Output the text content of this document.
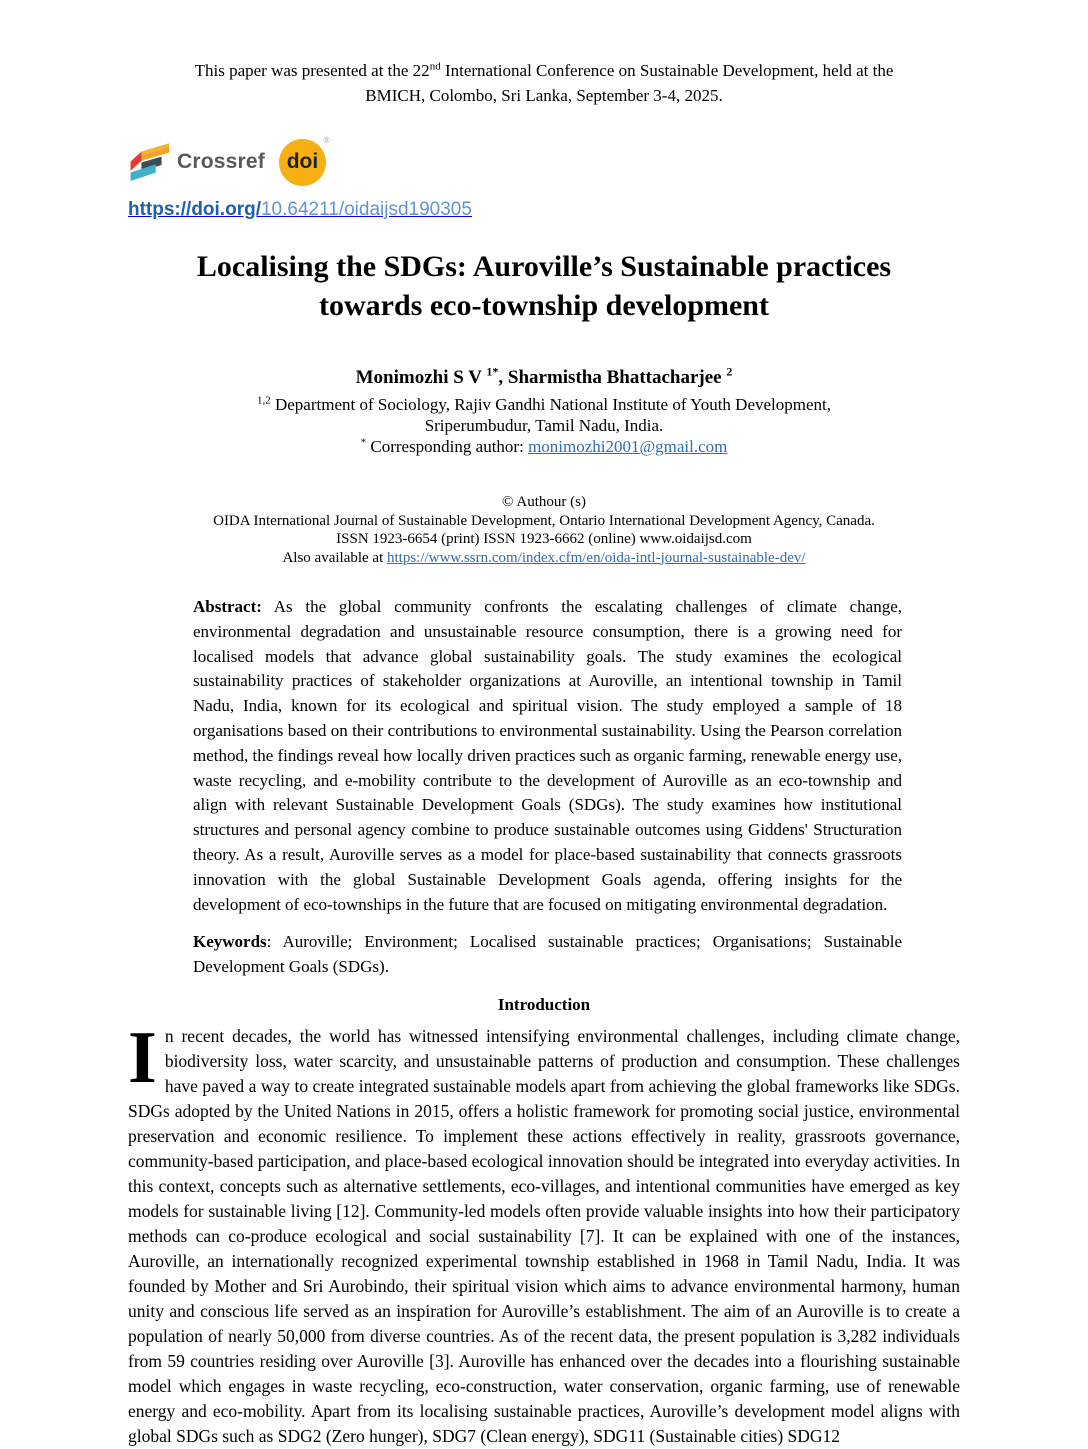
This paper was presented at the 22nd International Conference on Sustainable Development, held at the
BMICH, Colombo, Sri Lanka, September 3-4, 2025.

Crossref doi
®

https://doi.org/10.64211/oidaijsd190305

Localising the SDGs: Auroville’s Sustainable practices towards eco-township development

Monimozhi S V $^{1*}$, Sharmistha Bhattacharjee $^2$

$^{1,2}$ Department of Sociology, Rajiv Gandhi National Institute of Youth Development,
Sriperumbudur, Tamil Nadu, India.

* Corresponding author: monimozhi2001@gmail.com

© Authour (s)
OIDA International Journal of Sustainable Development, Ontario International Development Agency, Canada.
ISSN 1923-6654 (print) ISSN 1923-6662 (online) www.oidaijsd.com
Also available at https://www.ssrn.com/index.cfm/en/oida-intl-journal-sustainable-dev/

Abstract: As the global community confronts the escalating challenges of climate change, environmental degradation and unsustainable resource consumption, there is a growing need for localised models that advance global sustainability goals. The study examines the ecological sustainability practices of stakeholder organizations at Auroville, an intentional township in Tamil Nadu, India, known for its ecological and spiritual vision. The study employed a sample of 18 organisations based on their contributions to environmental sustainability. Using the Pearson correlation method, the findings reveal how locally driven practices such as organic farming, renewable energy use, waste recycling, and e-mobility contribute to the development of Auroville as an eco-township and align with relevant Sustainable Development Goals (SDGs). The study examines how institutional structures and personal agency combine to produce sustainable outcomes using Giddens' Structuration theory. As a result, Auroville serves as a model for place-based sustainability that connects grassroots innovation with the global Sustainable Development Goals agenda, offering insights for the development of eco-townships in the future that are focused on mitigating environmental degradation.

Keywords: Auroville; Environment; Localised sustainable practices; Organisations; Sustainable Development Goals (SDGs).

Introduction

In recent decades, the world has witnessed intensifying environmental challenges, including climate change, biodiversity loss, water scarcity, and unsustainable patterns of production and consumption. These challenges have paved a way to create integrated sustainable models apart from achieving the global frameworks like SDGs. SDGs adopted by the United Nations in 2015, offers a holistic framework for promoting social justice, environmental preservation and economic resilience. To implement these actions effectively in reality, grassroots governance, community-based participation, and place-based ecological innovation should be integrated into everyday activities. In this context, concepts such as alternative settlements, eco-villages, and intentional communities have emerged as key models for sustainable living [12]. Community-led models often provide valuable insights into how their participatory methods can co-produce ecological and social sustainability [7]. It can be explained with one of the instances, Auroville, an internationally recognized experimental township established in 1968 in Tamil Nadu, India. It was founded by Mother and Sri Aurobindo, their spiritual vision which aims to advance environmental harmony, human unity and conscious life served as an inspiration for Auroville’s establishment. The aim of an Auroville is to create a population of nearly 50,000 from diverse countries. As of the recent data, the present population is 3,282 individuals from 59 countries residing over Auroville [3]. Auroville has enhanced over the decades into a flourishing sustainable model which engages in waste recycling, eco-construction, water conservation, organic farming, use of renewable energy and eco-mobility. Apart from its localising sustainable practices, Auroville’s development model aligns with global SDGs such as SDG2 (Zero hunger), SDG7 (Clean energy), SDG11 (Sustainable cities) SDG12
